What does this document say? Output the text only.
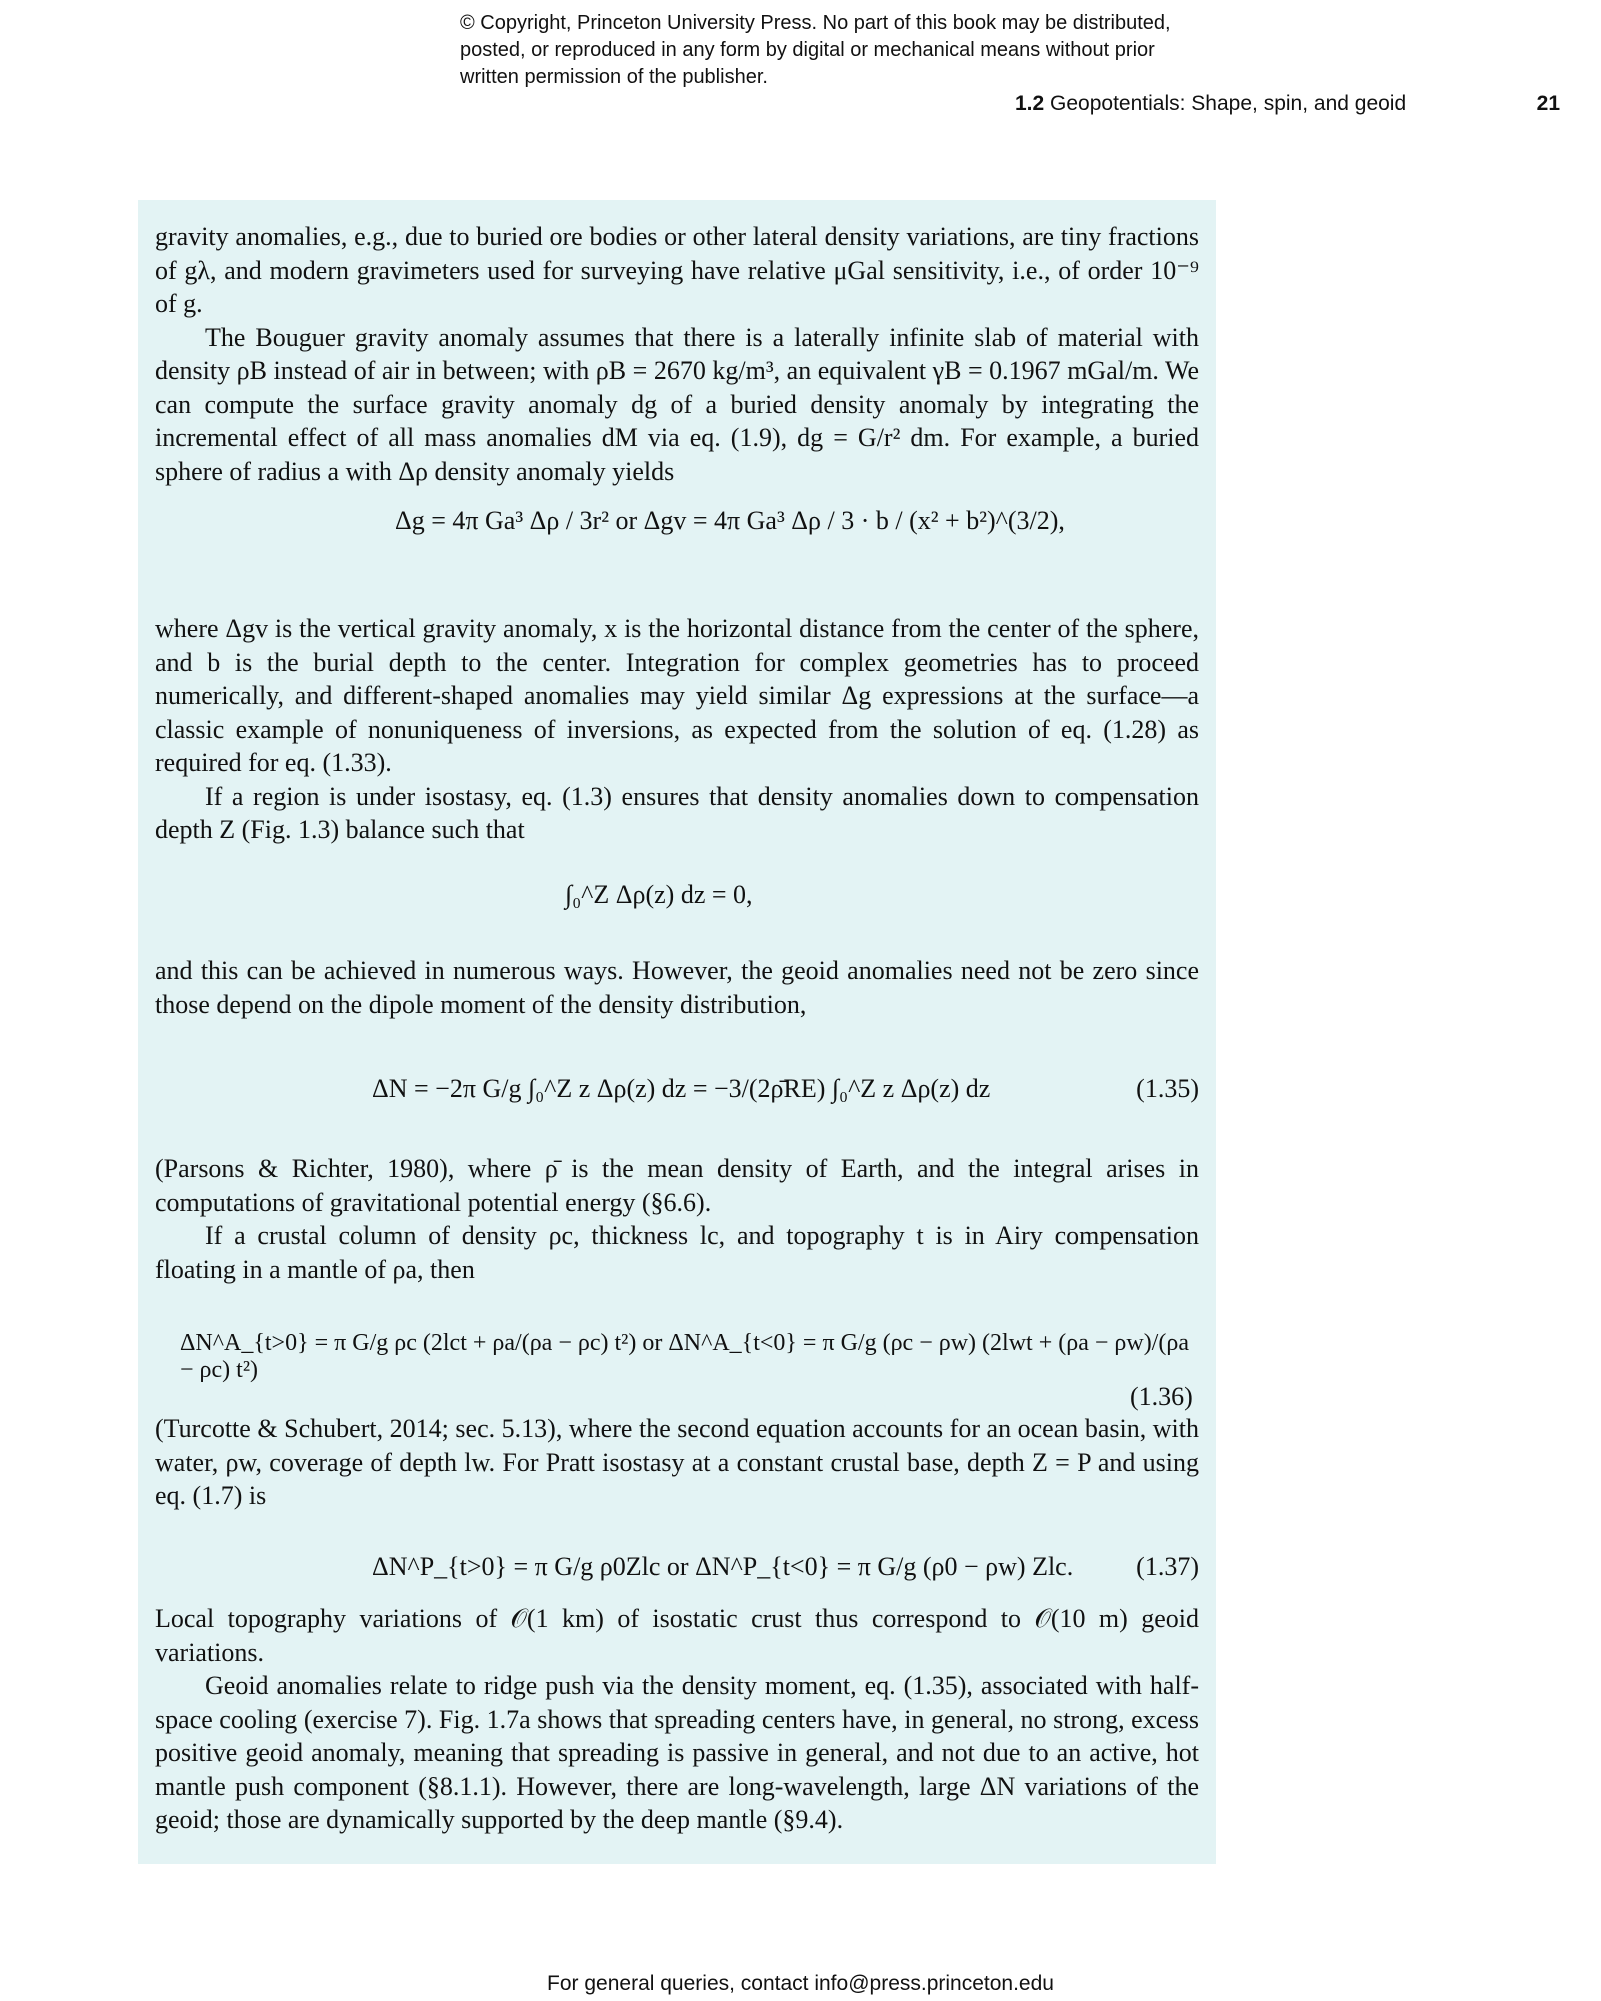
© Copyright, Princeton University Press. No part of this book may be distributed, posted, or reproduced in any form by digital or mechanical means without prior written permission of the publisher.
1.2 Geopotentials: Shape, spin, and geoid	21

gravity anomalies, e.g., due to buried ore bodies or other lateral density variations, are tiny fractions of gλ, and modern gravimeters used for surveying have relative μGal sensitivity, i.e., of order 10⁻⁹ of g.

The Bouguer gravity anomaly assumes that there is a laterally infinite slab of material with density ρB instead of air in between; with ρB = 2670 kg/m³, an equivalent γB = 0.1967 mGal/m. We can compute the surface gravity anomaly dg of a buried density anomaly by integrating the incremental effect of all mass anomalies dM via eq. (1.9), dg = G/r² dm. For example, a buried sphere of radius a with Δρ density anomaly yields

Δg = 4π Ga³ Δρ / 3r² or Δgv = 4π Ga³ Δρ / 3 · b / (x² + b²)^(3/2),

where Δgv is the vertical gravity anomaly, x is the horizontal distance from the center of the sphere, and b is the burial depth to the center. Integration for complex geometries has to proceed numerically, and different-shaped anomalies may yield similar Δg expressions at the surface—a classic example of nonuniqueness of inversions, as expected from the solution of eq. (1.28) as required for eq. (1.33).

If a region is under isostasy, eq. (1.3) ensures that density anomalies down to compensation depth Z (Fig. 1.3) balance such that

∫₀^Z Δρ(z) dz = 0,

and this can be achieved in numerous ways. However, the geoid anomalies need not be zero since those depend on the dipole moment of the density distribution,

ΔN = −2π G/g ∫₀^Z z Δρ(z) dz = −3/(2ρ̄RE) ∫₀^Z z Δρ(z) dz	(1.35)

(Parsons & Richter, 1980), where ρ̄ is the mean density of Earth, and the integral arises in computations of gravitational potential energy (§6.6).

If a crustal column of density ρc, thickness lc, and topography t is in Airy compensation floating in a mantle of ρa, then

ΔN^A_{t>0} = π G/g ρc (2lct + ρa/(ρa − ρc) t²) or ΔN^A_{t<0} = π G/g (ρc − ρw) (2lwt + (ρa − ρw)/(ρa − ρc) t²)
(1.36)

(Turcotte & Schubert, 2014; sec. 5.13), where the second equation accounts for an ocean basin, with water, ρw, coverage of depth lw. For Pratt isostasy at a constant crustal base, depth Z = P and using eq. (1.7) is

ΔN^P_{t>0} = π G/g ρ0Zlc or ΔN^P_{t<0} = π G/g (ρ0 − ρw) Zlc. (1.37)

Local topography variations of 𝒪(1 km) of isostatic crust thus correspond to 𝒪(10 m) geoid variations.

Geoid anomalies relate to ridge push via the density moment, eq. (1.35), associated with half-space cooling (exercise 7). Fig. 1.7a shows that spreading centers have, in general, no strong, excess positive geoid anomaly, meaning that spreading is passive in general, and not due to an active, hot mantle push component (§8.1.1). However, there are long-wavelength, large ΔN variations of the geoid; those are dynamically supported by the deep mantle (§9.4).

For general queries, contact info@press.princeton.edu
